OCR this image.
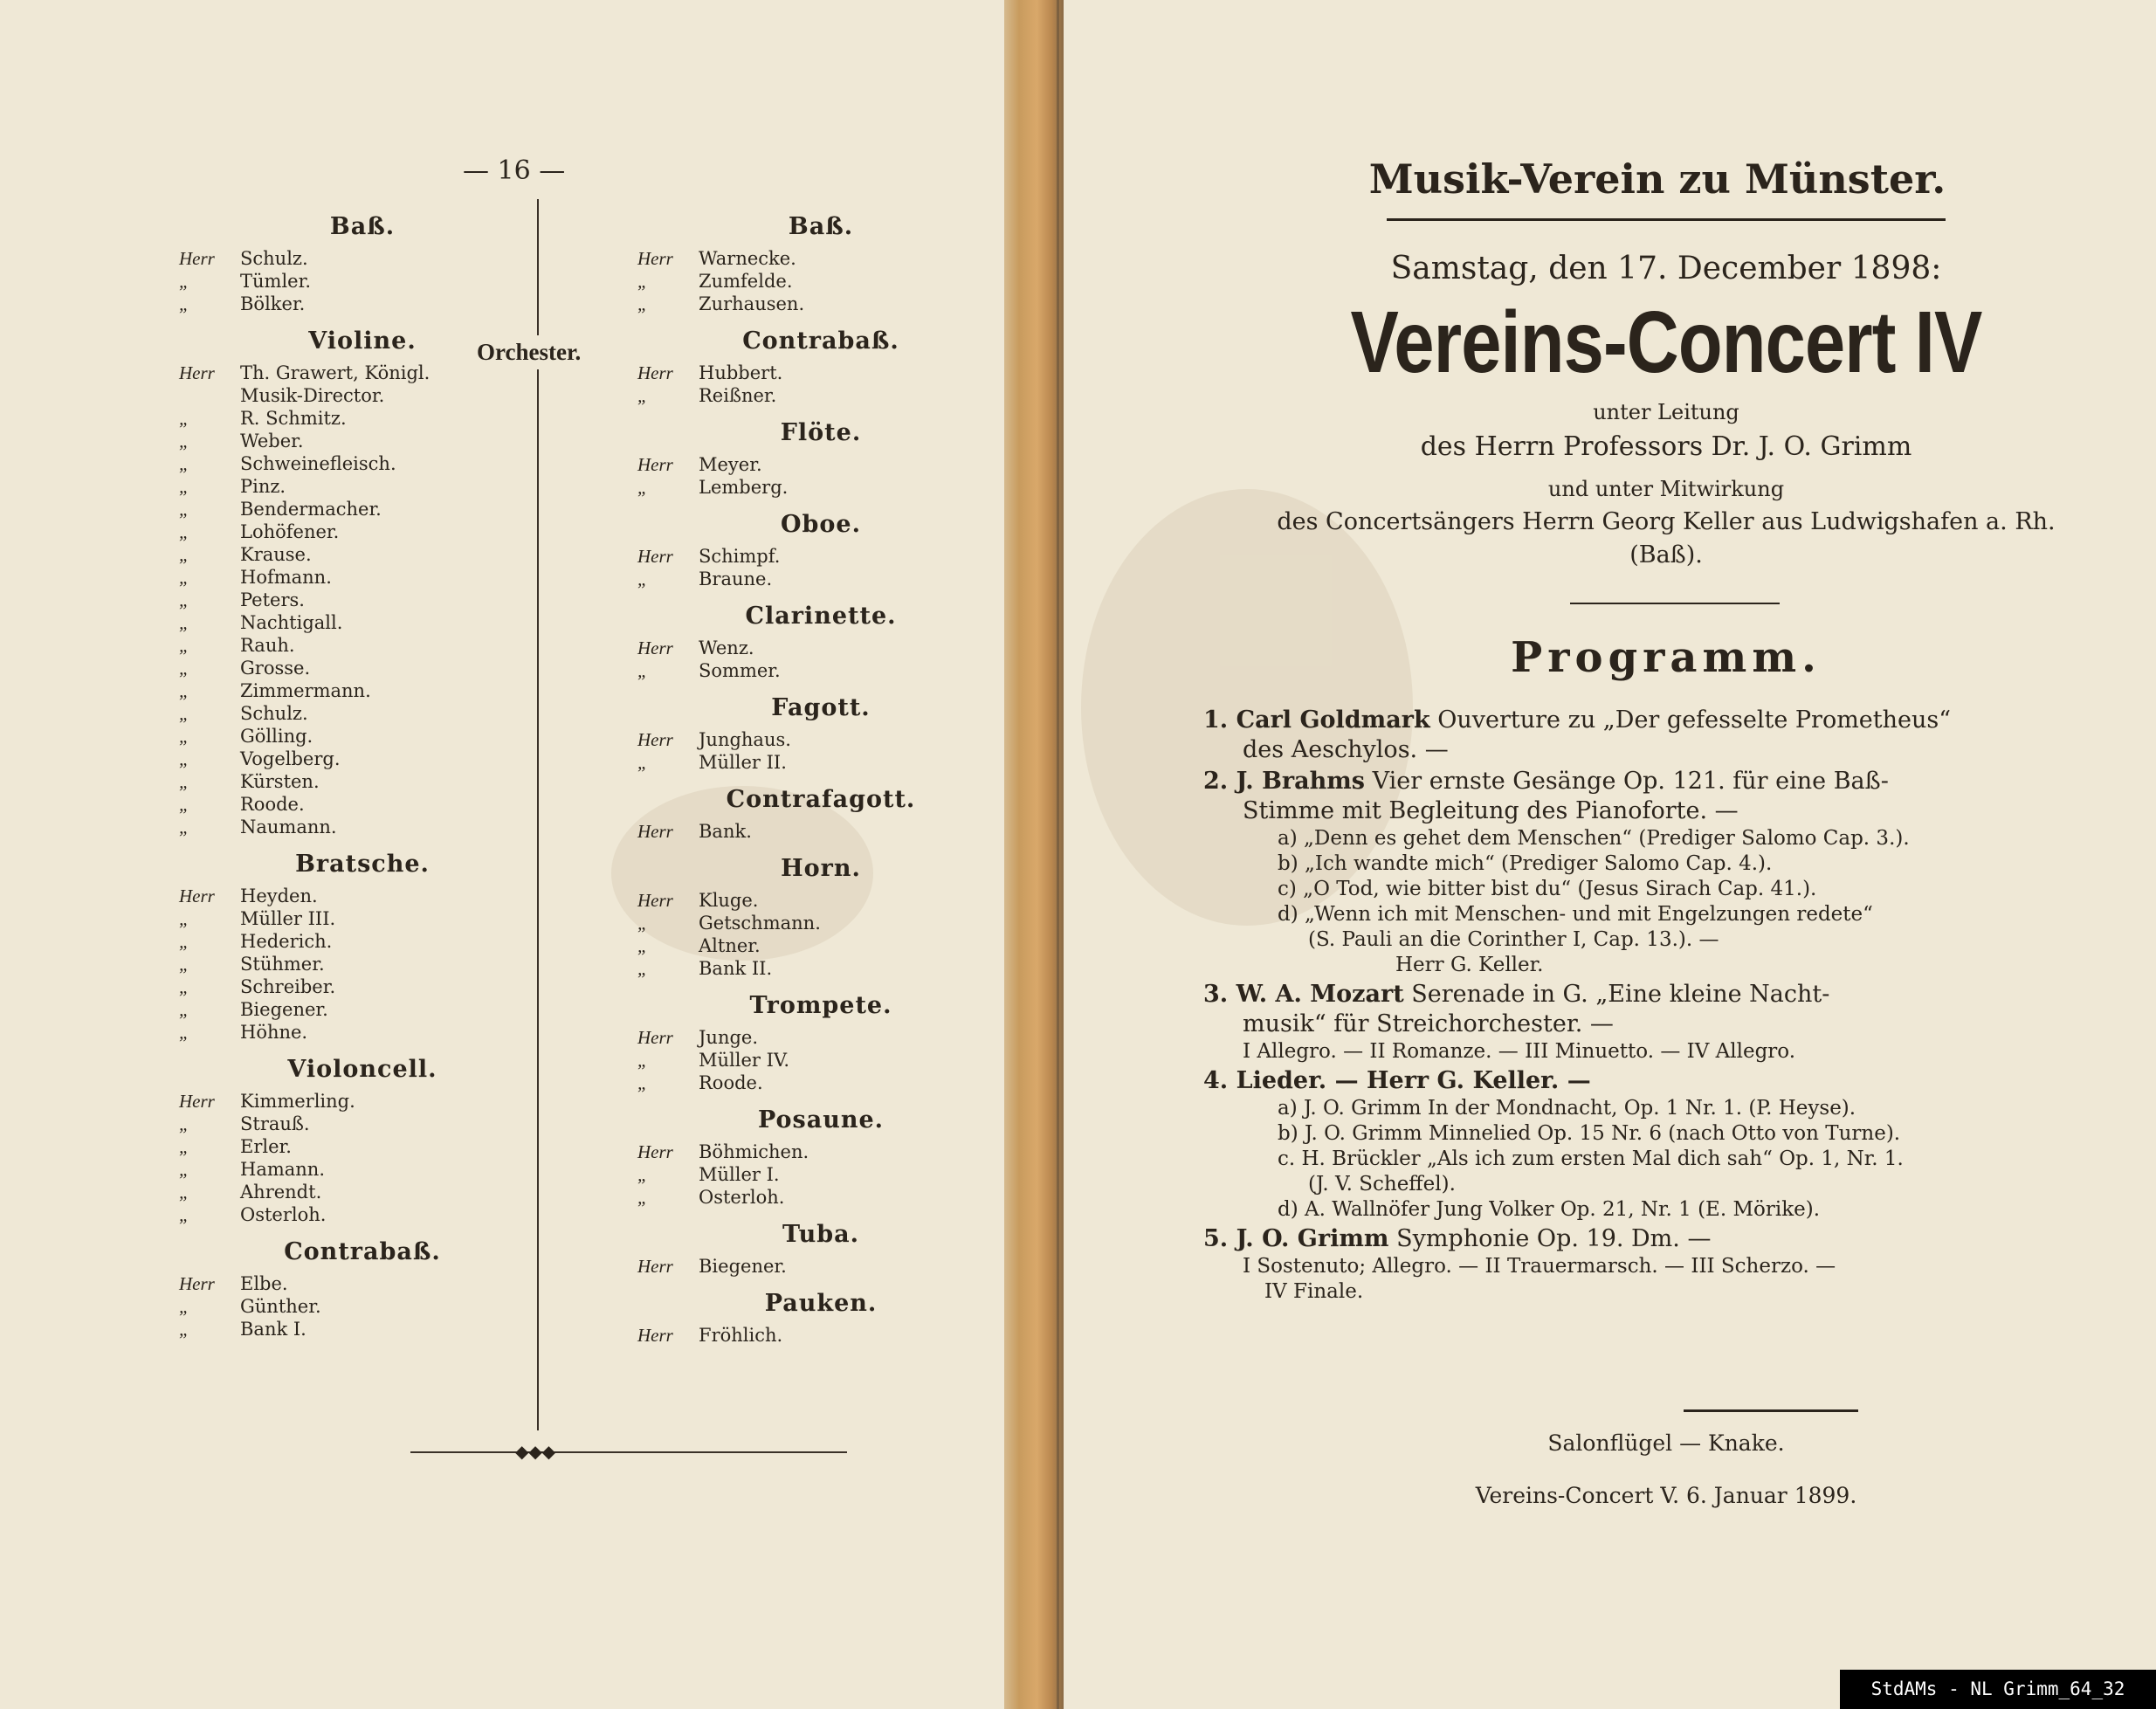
— 16 —
Orchester.
Baß.
Herr	Schulz.
„	Tümler.
„	Bölker.
Violine.
Herr	Th. Grawert, Königl.
Musik-Director.
„	R. Schmitz.
„	Weber.
„	Schweinefleisch.
„	Pinz.
„	Bendermacher.
„	Lohöfener.
„	Krause.
„	Hofmann.
„	Peters.
„	Nachtigall.
„	Rauh.
„	Grosse.
„	Zimmermann.
„	Schulz.
„	Gölling.
„	Vogelberg.
„	Kürsten.
„	Roode.
„	Naumann.
Bratsche.
Herr	Heyden.
„	Müller III.
„	Hederich.
„	Stühmer.
„	Schreiber.
„	Biegener.
„	Höhne.
Violoncell.
Herr	Kimmerling.
„	Strauß.
„	Erler.
„	Hamann.
„	Ahrendt.
„	Osterloh.
Contrabaß.
Herr	Elbe.
„	Günther.
„	Bank I.
Baß.
Herr	Warnecke.
„	Zumfelde.
„	Zurhausen.
Contrabaß.
Herr	Hubbert.
„	Reißner.
Flöte.
Herr	Meyer.
„	Lemberg.
Oboe.
Herr	Schimpf.
„	Braune.
Clarinette.
Herr	Wenz.
„	Sommer.
Fagott.
Herr	Junghaus.
„	Müller II.
Contrafagott.
Herr	Bank.
Horn.
Herr	Kluge.
„	Getschmann.
„	Altner.
„	Bank II.
Trompete.
Herr	Junge.
„	Müller IV.
„	Roode.
Posaune.
Herr	Böhmichen.
„	Müller I.
„	Osterloh.
Tuba.
Herr	Biegener.
Pauken.
Herr	Fröhlich.
◆◆◆
Musik-Verein zu Münster.
Samstag, den 17. December 1898:
Vereins-Concert IV
unter Leitung
des Herrn Professors Dr. J. O. Grimm
und unter Mitwirkung
des Concertsängers Herrn Georg Keller aus Ludwigshafen a. Rh.
(Baß).
Programm.
1. Carl Goldmark Ouverture zu „Der gefesselte Prometheus“
des Aeschylos. —
2. J. Brahms Vier ernste Gesänge Op. 121. für eine Baß-
Stimme mit Begleitung des Pianoforte. —
a) „Denn es gehet dem Menschen“ (Prediger Salomo Cap. 3.).
b) „Ich wandte mich“ (Prediger Salomo Cap. 4.).
c) „O Tod, wie bitter bist du“ (Jesus Sirach Cap. 41.).
d) „Wenn ich mit Menschen- und mit Engelzungen redete“
(S. Pauli an die Corinther I, Cap. 13.). —
Herr G. Keller.
3. W. A. Mozart Serenade in G. „Eine kleine Nacht-
musik“ für Streichorchester. —
I Allegro. — II Romanze. — III Minuetto. — IV Allegro.
4. Lieder. — Herr G. Keller. —
a) J. O. Grimm In der Mondnacht, Op. 1 Nr. 1. (P. Heyse).
b) J. O. Grimm Minnelied Op. 15 Nr. 6 (nach Otto von Turne).
c. H. Brückler „Als ich zum ersten Mal dich sah“ Op. 1, Nr. 1.
(J. V. Scheffel).
d) A. Wallnöfer Jung Volker Op. 21, Nr. 1 (E. Mörike).
5. J. O. Grimm Symphonie Op. 19. Dm. —
I Sostenuto; Allegro. — II Trauermarsch. — III Scherzo. —
IV Finale.
Salonflügel — Knake.
Vereins-Concert V. 6. Januar 1899.
StdAMs - NL Grimm_64_32
